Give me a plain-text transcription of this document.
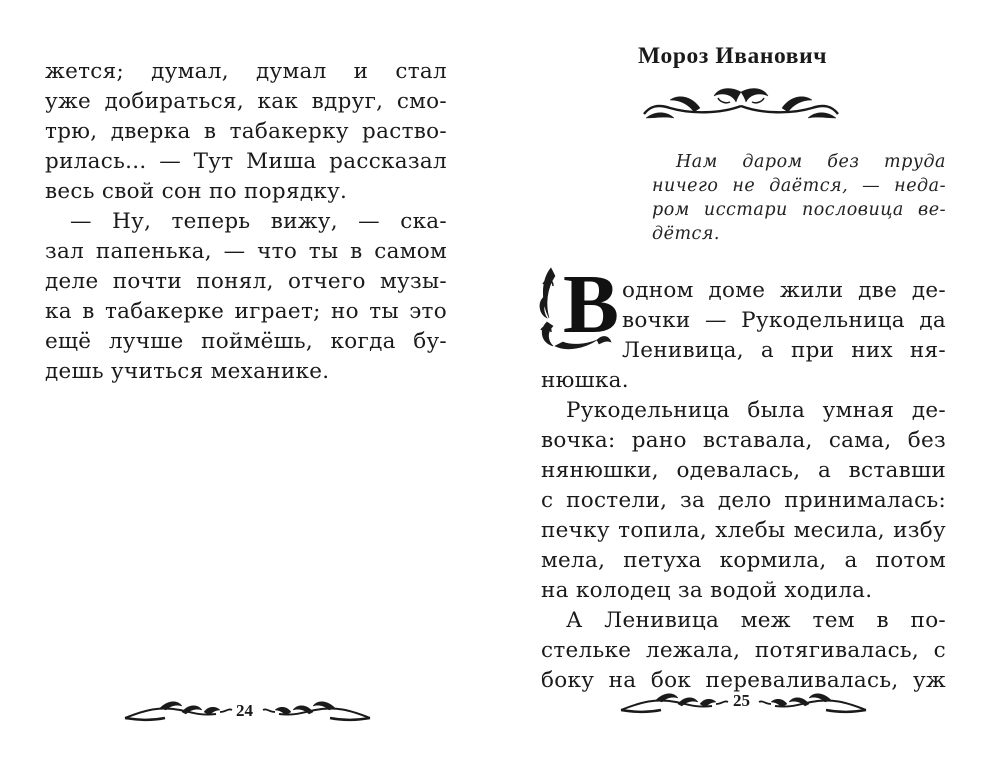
жется; думал, думал и стал
уже добираться, как вдруг, смо-
трю, дверка в табакерку раство-
рилась... — Тут Миша рассказал
весь свой сон по порядку.
— Ну, теперь вижу, — ска-
зал папенька, — что ты в самом
деле почти понял, отчего музы-
ка в табакерке играет; но ты это
ещё лучше поймёшь, когда бу-
дешь учиться механике.
24
Мороз Иванович
Нам даром без труда
ничего не даётся, — неда-
ром исстари пословица ве-
дётся.
В одном доме жили две де-
вочки — Рукодельница да
Ленивица, а при них ня-
нюшка.
Рукодельница была умная де-
вочка: рано вставала, сама, без
нянюшки, одевалась, а вставши
с постели, за дело принималась:
печку топила, хлебы месила, избу
мела, петуха кормила, а потом
на колодец за водой ходила.
А Ленивица меж тем в по-
стельке лежала, потягивалась, с
боку на бок переваливалась, уж
25
